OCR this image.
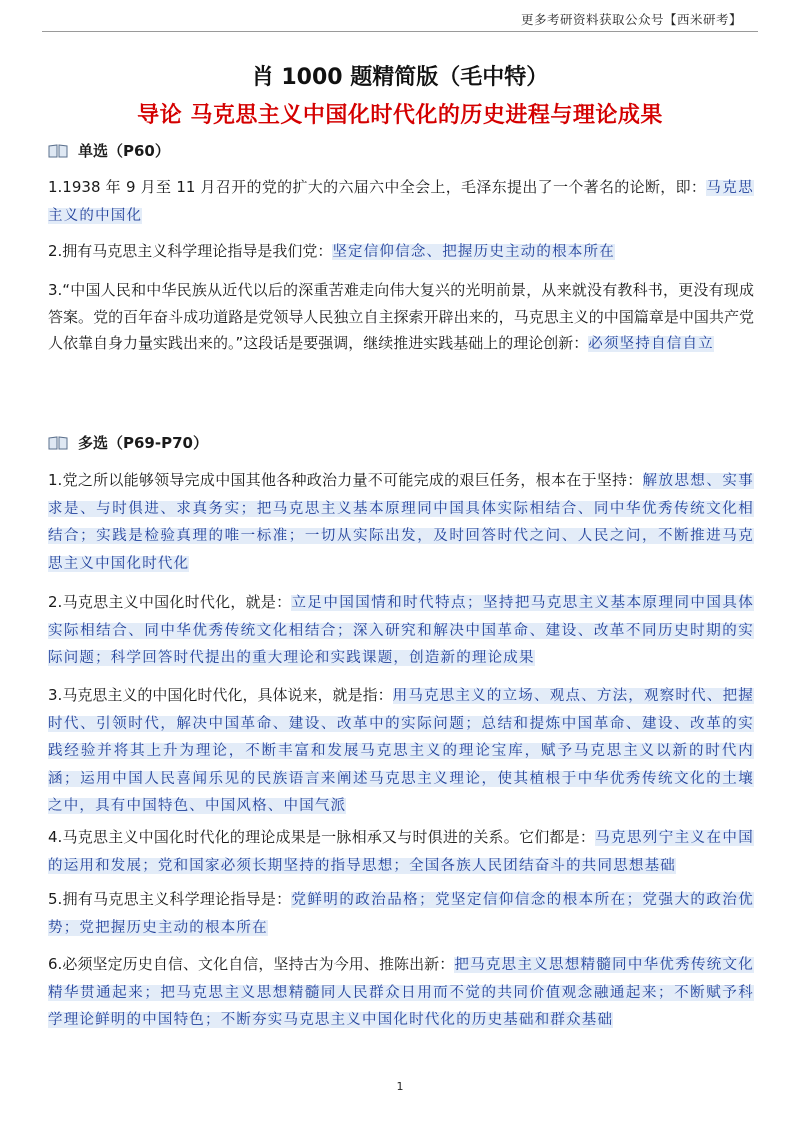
更多考研资料获取公众号【西米研考】
肖 1000 题精简版（毛中特）
导论 马克思主义中国化时代化的历史进程与理论成果
单选（P60）
1.1938 年 9 月至 11 月召开的党的扩大的六届六中全会上，毛泽东提出了一个著名的论断，即：马克思主义的中国化
2.拥有马克思主义科学理论指导是我们党：坚定信仰信念、把握历史主动的根本所在
3.“中国人民和中华民族从近代以后的深重苦难走向伟大复兴的光明前景，从来就没有教科书，更没有现成答案。党的百年奋斗成功道路是党领导人民独立自主探索开辟出来的，马克思主义的中国篇章是中国共产党人依靠自身力量实践出来的。”这段话是要强调，继续推进实践基础上的理论创新：必须坚持自信自立
多选（P69-P70）
1.党之所以能够领导完成中国其他各种政治力量不可能完成的艰巨任务，根本在于坚持：解放思想、实事求是、与时俱进、求真务实；把马克思主义基本原理同中国具体实际相结合、同中华优秀传统文化相结合；实践是检验真理的唯一标准；一切从实际出发，及时回答时代之问、人民之问，不断推进马克思主义中国化时代化
2.马克思主义中国化时代化，就是：立足中国国情和时代特点；坚持把马克思主义基本原理同中国具体实际相结合、同中华优秀传统文化相结合；深入研究和解决中国革命、建设、改革不同历史时期的实际问题；科学回答时代提出的重大理论和实践课题，创造新的理论成果
3.马克思主义的中国化时代化，具体说来，就是指：用马克思主义的立场、观点、方法，观察时代、把握时代、引领时代，解决中国革命、建设、改革中的实际问题；总结和提炼中国革命、建设、改革的实践经验并将其上升为理论，不断丰富和发展马克思主义的理论宝库，赋予马克思主义以新的时代内涵；运用中国人民喜闻乐见的民族语言来阐述马克思主义理论，使其植根于中华优秀传统文化的土壤之中，具有中国特色、中国风格、中国气派
4.马克思主义中国化时代化的理论成果是一脉相承又与时俱进的关系。它们都是：马克思列宁主义在中国的运用和发展；党和国家必须长期坚持的指导思想；全国各族人民团结奋斗的共同思想基础
5.拥有马克思主义科学理论指导是：党鲜明的政治品格；党坚定信仰信念的根本所在；党强大的政治优势；党把握历史主动的根本所在
6.必须坚定历史自信、文化自信，坚持古为今用、推陈出新：把马克思主义思想精髓同中华优秀传统文化精华贯通起来；把马克思主义思想精髓同人民群众日用而不觉的共同价值观念融通起来；不断赋予科学理论鲜明的中国特色；不断夯实马克思主义中国化时代化的历史基础和群众基础
1
